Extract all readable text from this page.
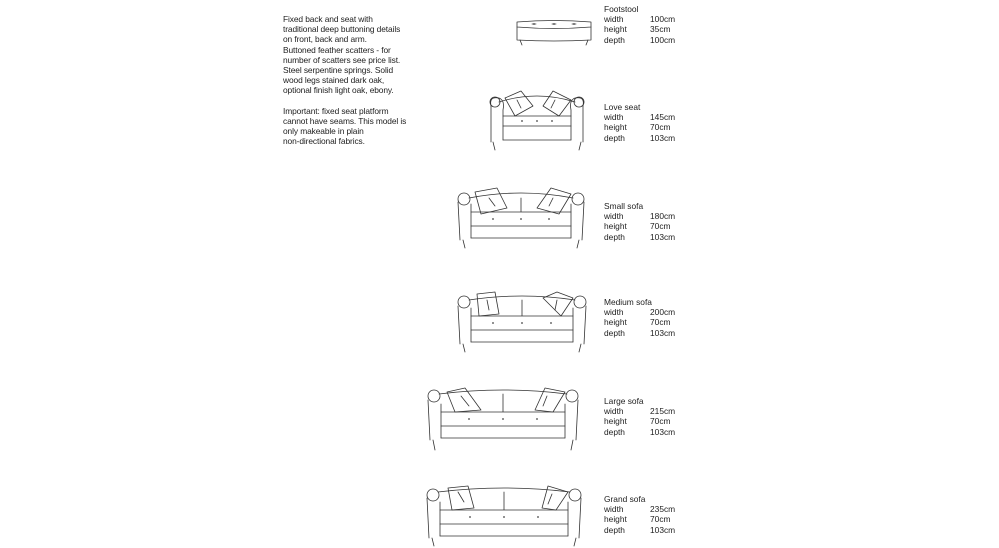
Fixed back and seat with

traditional deep buttoning details

on front, back and arm.

Buttoned feather scatters - for

number of scatters see price list.

Steel serpentine springs. Solid

wood legs stained dark oak,

optional finish light oak, ebony.

Important: fixed seat platform

cannot have seams. This model is

only makeable in plain

non-directional fabrics.

Footstool
width	100cm
height	35cm
depth	100cm
Love seat
width	145cm
height	70cm
depth	103cm
Small sofa
width	180cm
height	70cm
depth	103cm
Medium sofa
width	200cm
height	70cm
depth	103cm
Large sofa
width	215cm
height	70cm
depth	103cm
Grand sofa
width	235cm
height	70cm
depth	103cm
